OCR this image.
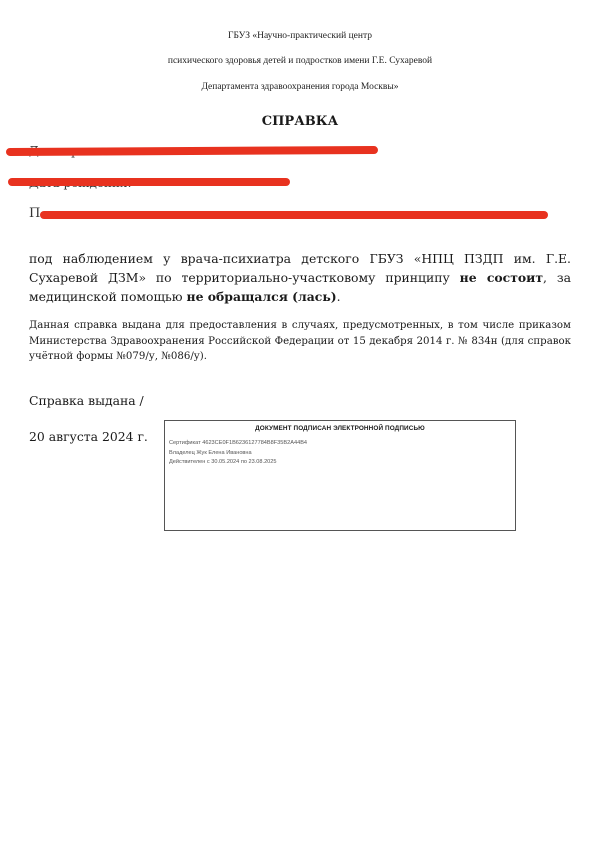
ГБУЗ «Научно-практический центр
психического здоровья детей и подростков имени Г.Е. Сухаревой
Департамента здравоохранения города Москвы»
СПРАВКА
П
под наблюдением у врача-психиатра детского ГБУЗ «НПЦ ПЗДП им. Г.Е. Сухаревой ДЗМ» по территориально-участковому принципу не состоит, за медицинской помощью не обращался (лась).
Данная справка выдана для предоставления в случаях, предусмотренных, в том числе приказом Министерства Здравоохранения Российской Федерации от 15 декабря 2014 г. № 834н (для справок учётной формы №079/у, №086/у).
Справка выдана /
20 августа 2024 г.
ДОКУМЕНТ ПОДПИСАН ЭЛЕКТРОННОЙ ПОДПИСЬЮ
Сертификат 4623CE0F1B6236127784B8F35B2A44B4
Владелец Жук Елена Ивановна
Действителен с 30.05.2024 по 23.08.2025
